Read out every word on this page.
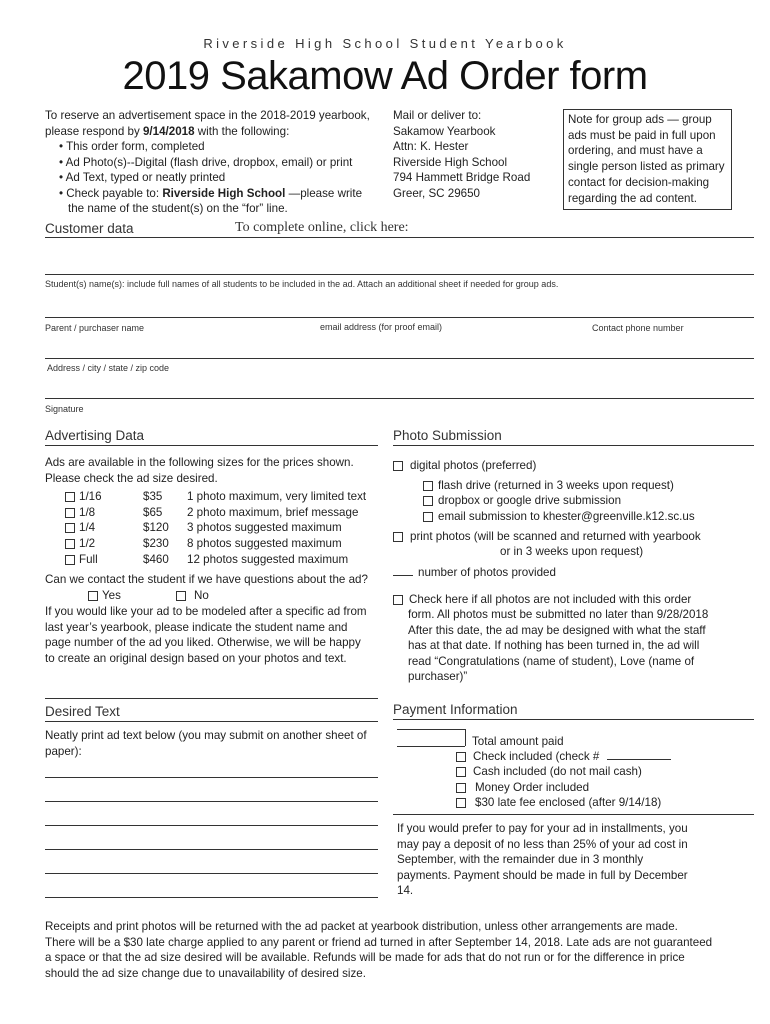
Riverside High School Student Yearbook
2019 Sakamow Ad Order form
To reserve an advertisement space in the 2018-2019 yearbook,
please respond by 9/14/2018 with the following:
• This order form, completed
• Ad Photo(s)--Digital (flash drive, dropbox, email) or print
• Ad Text, typed or neatly printed
• Check payable to: Riverside High School —please write
the name of the student(s) on the “for” line.
Mail or deliver to:
Sakamow Yearbook
Attn: K. Hester
Riverside High School
794 Hammett Bridge Road
Greer, SC 29650
Note for group ads — group ads must be paid in full upon ordering, and must have a single person listed as primary contact for decision-making regarding the ad content.
Customer data	To complete online, click here:
Student(s) name(s): include full names of all students to be included in the ad. Attach an additional sheet if needed for group ads.
Parent / purchaser name	email address (for proof email)	Contact phone number
Address / city / state / zip code
Signature
Advertising Data
Ads are available in the following sizes for the prices shown.
Please check the ad size desired.
1/16	$35 1 photo maximum, very limited text
1/8	$65 2 photo maximum, brief message
1/4	$120 3 photos suggested maximum
1/2	$230 8 photos suggested maximum
Full	$460 12 photos suggested maximum
Can we contact the student if we have questions about the ad?
Yes	No
If you would like your ad to be modeled after a specific ad from
last year’s yearbook, please indicate the student name and
page number of the ad you liked. Otherwise, we will be happy
to create an original design based on your photos and text.
Photo Submission
digital photos (preferred)
flash drive (returned in 3 weeks upon request)
dropbox or google drive submission
email submission to khester@greenville.k12.sc.us
print photos (will be scanned and returned with yearbook
or in 3 weeks upon request)
number of photos provided
Check here if all photos are not included with this order
form. All photos must be submitted no later than 9/28/2018
After this date, the ad may be designed with what the staff
has at that date. If nothing has been turned in, the ad will
read “Congratulations (name of student), Love (name of
purchaser)”
Desired Text
Neatly print ad text below (you may submit on another sheet of
paper):
Payment Information
Total amount paid
Check included (check #
Cash included (do not mail cash)
Money Order included
$30 late fee enclosed (after 9/14/18)
If you would prefer to pay for your ad in installments, you
may pay a deposit of no less than 25% of your ad cost in
September, with the remainder due in 3 monthly
payments. Payment should be made in full by December
14.
Receipts and print photos will be returned with the ad packet at yearbook distribution, unless other arrangements are made.
There will be a $30 late charge applied to any parent or friend ad turned in after September 14, 2018. Late ads are not guaranteed
a space or that the ad size desired will be available. Refunds will be made for ads that do not run or for the difference in price
should the ad size change due to unavailability of desired size.
